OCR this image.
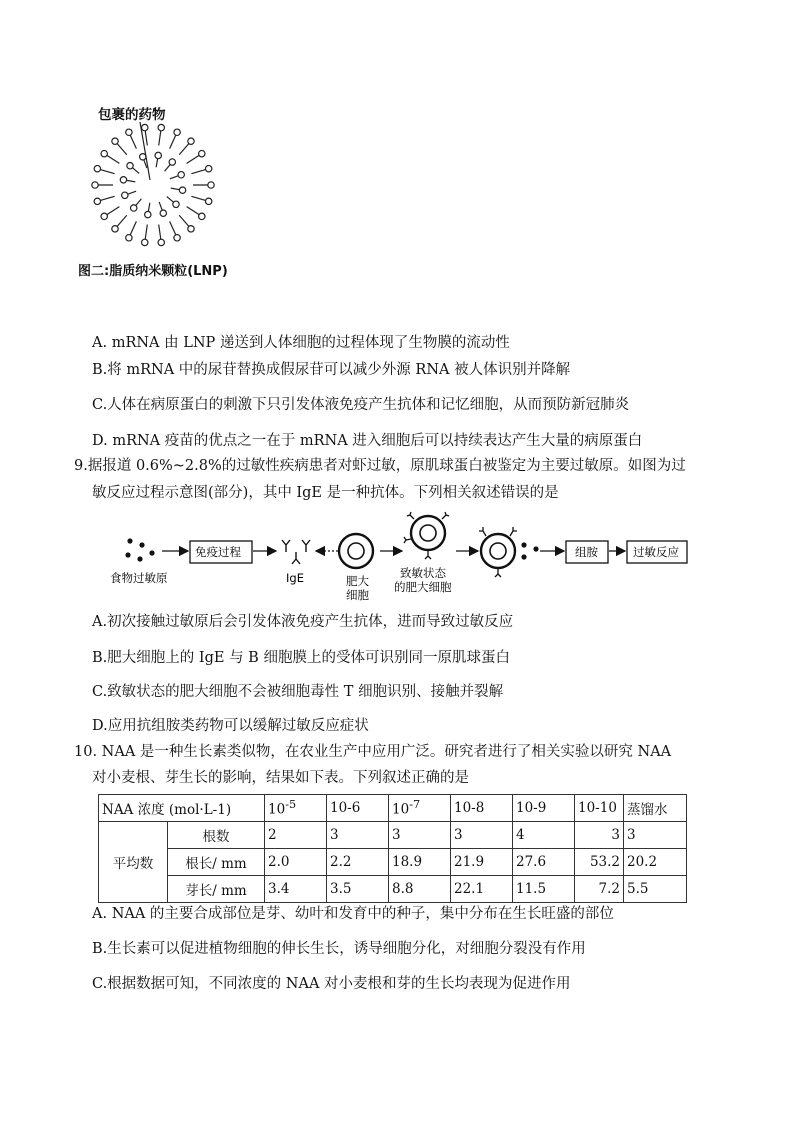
包裹的药物
图二:脂质纳米颗粒(LNP)
A. mRNA 由 LNP 递送到人体细胞的过程体现了生物膜的流动性
B.将 mRNA 中的尿苷替换成假尿苷可以减少外源 RNA 被人体识别并降解
C.人体在病原蛋白的刺激下只引发体液免疫产生抗体和记忆细胞，从而预防新冠肺炎
D. mRNA 疫苗的优点之一在于 mRNA 进入细胞后可以持续表达产生大量的病原蛋白
9.据报道 0.6%~2.8%的过敏性疾病患者对虾过敏，原肌球蛋白被鉴定为主要过敏原。如图为过
敏反应过程示意图(部分)，其中 IgE 是一种抗体。下列相关叙述错误的是
食物过敏原
免疫过程
IgE	肥大
细胞
致敏状态
的肥大细胞
组胺	过敏反应
A.初次接触过敏原后会引发体液免疫产生抗体，进而导致过敏反应
B.肥大细胞上的 IgE 与 B 细胞膜上的受体可识别同一原肌球蛋白
C.致敏状态的肥大细胞不会被细胞毒性 T 细胞识别、接触并裂解
D.应用抗组胺类药物可以缓解过敏反应症状
10. NAA 是一种生长素类似物，在农业生产中应用广泛。研究者进行了相关实验以研究 NAA
对小麦根、芽生长的影响，结果如下表。下列叙述正确的是
NAA 浓度 (mol·L-1)		$10^{-5}$	10-6	$10^{-7}$	10-8	10-9	10-10	蒸馏水
平均数	根数	2	3	3	3	4	3	3
	根长/ mm	2.0	2.2	18.9	21.9	27.6	53.2	20.2
	芽长/ mm	3.4	3.5	8.8	22.1	11.5	7.2	5.5
A. NAA 的主要合成部位是芽、幼叶和发育中的种子，集中分布在生长旺盛的部位
B.生长素可以促进植物细胞的伸长生长，诱导细胞分化，对细胞分裂没有作用
C.根据数据可知，不同浓度的 NAA 对小麦根和芽的生长均表现为促进作用
